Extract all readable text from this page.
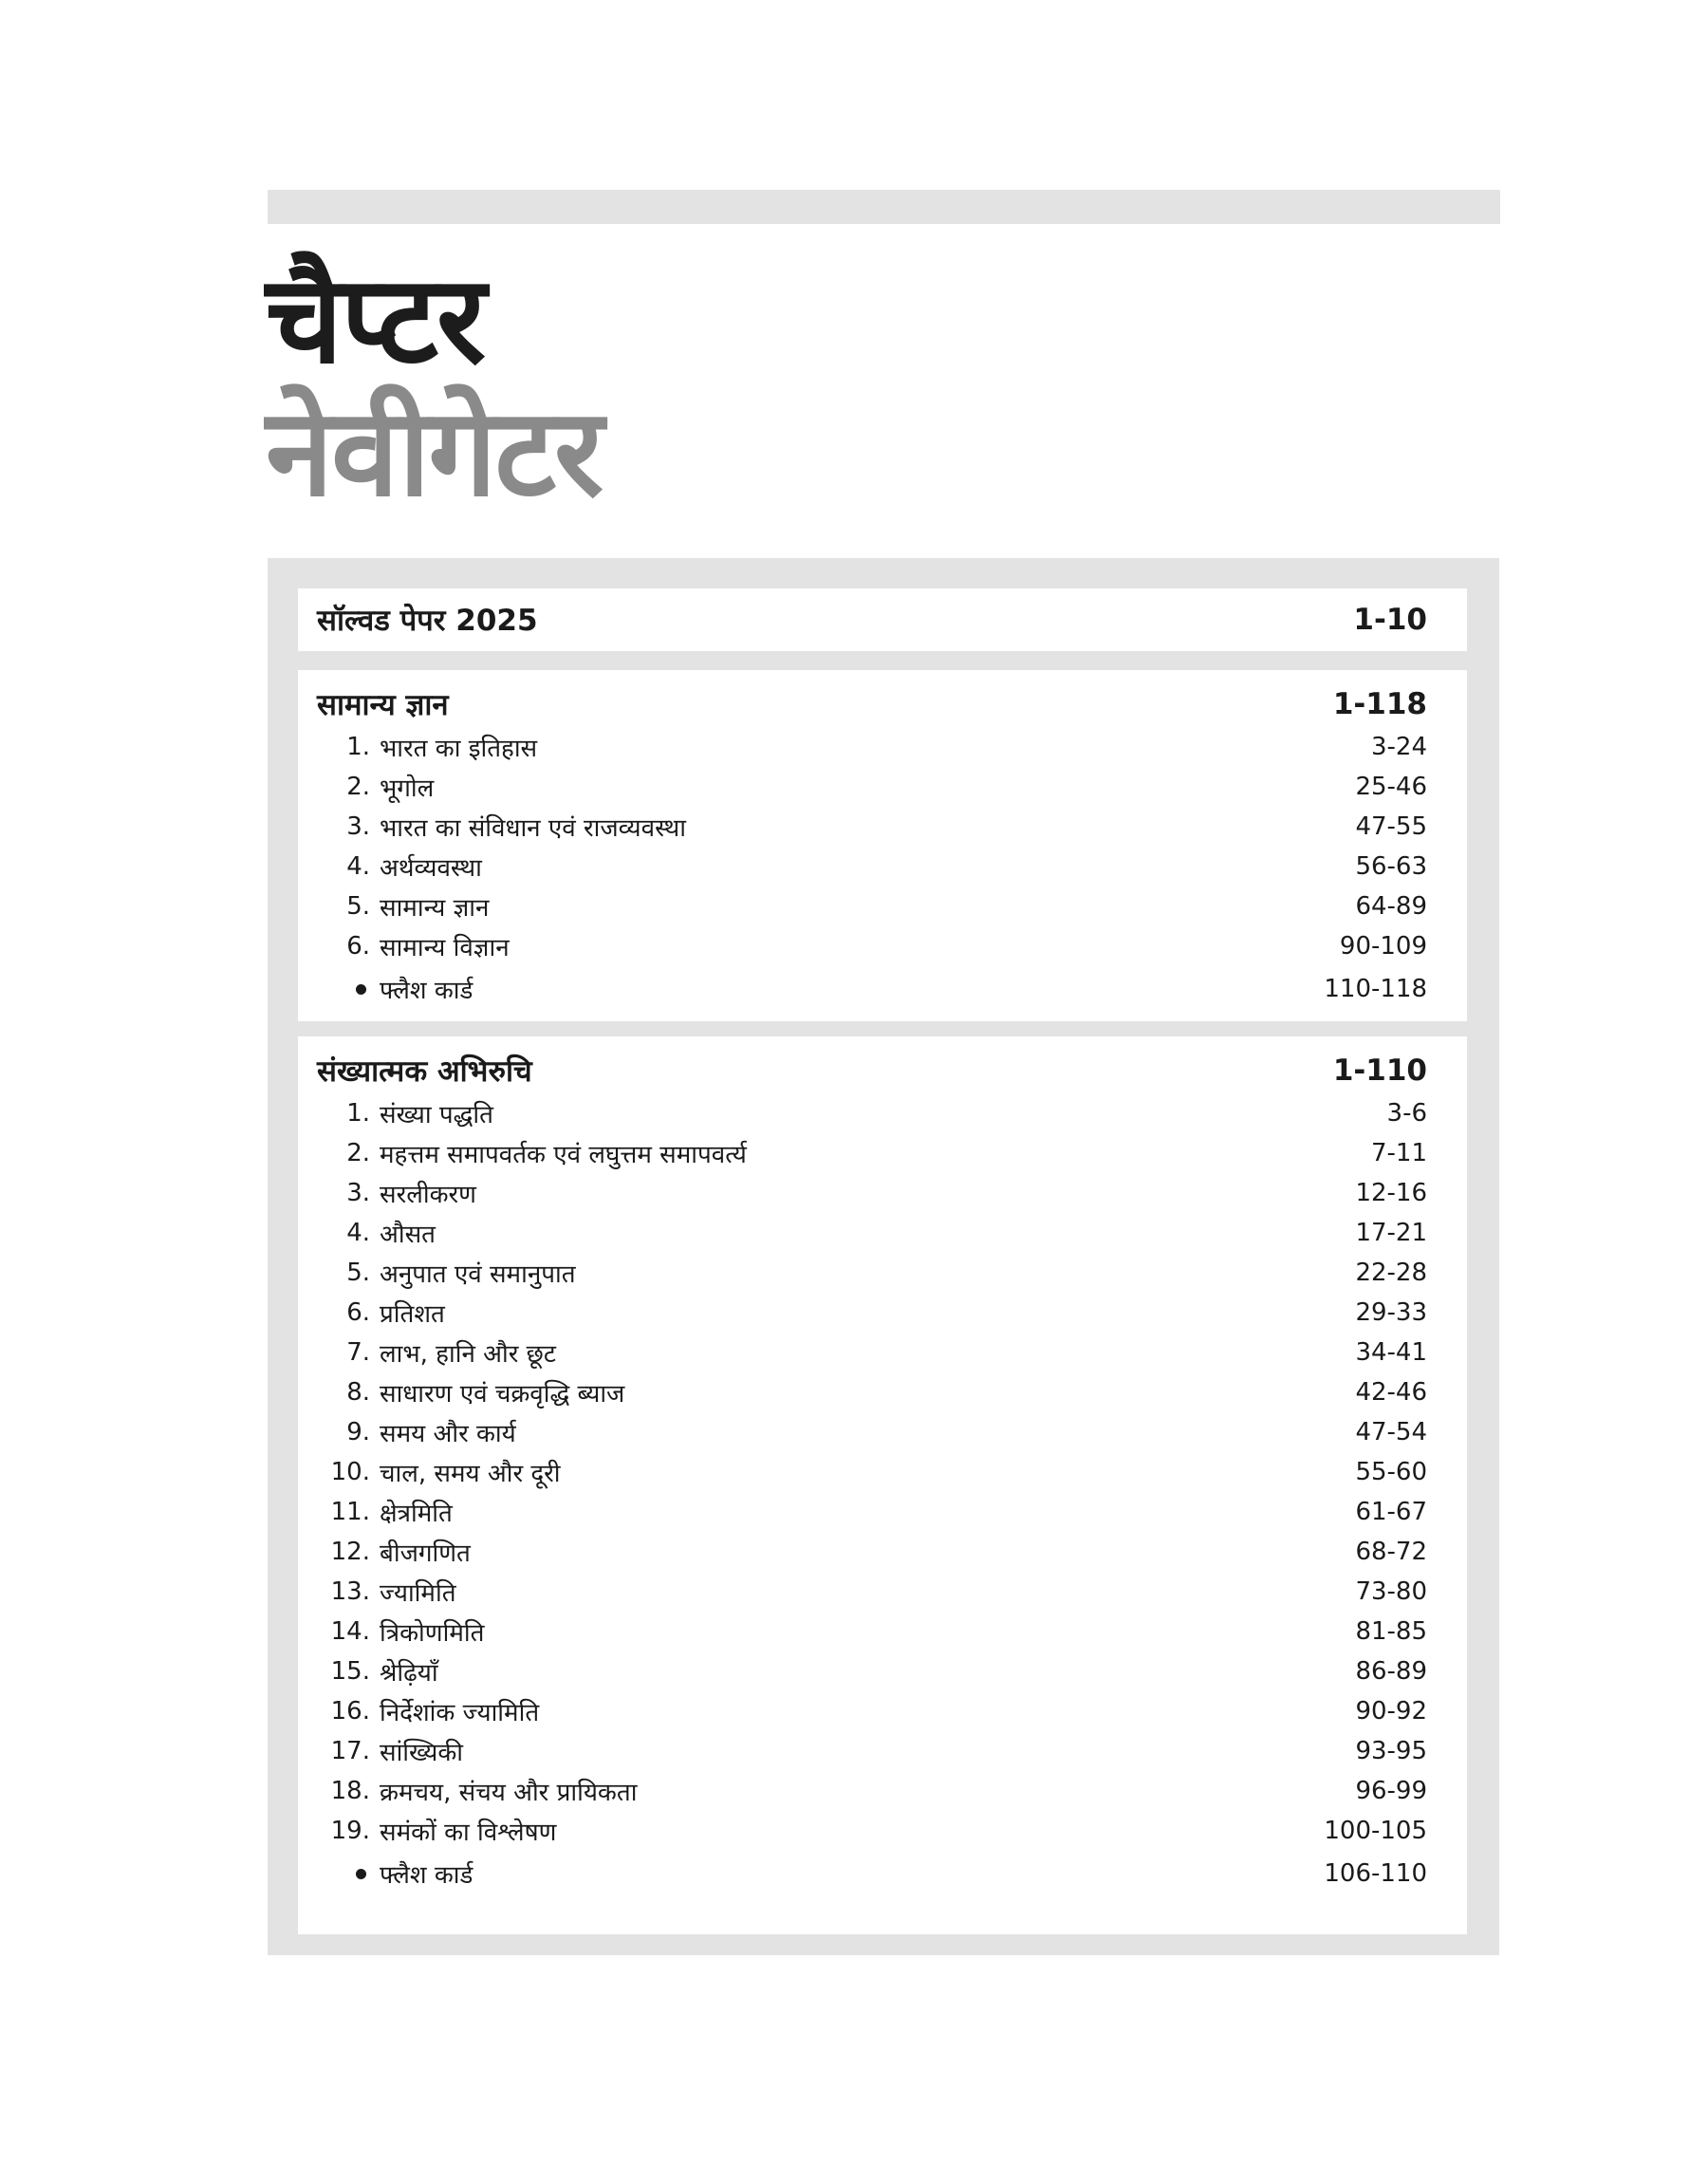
चैप्टर
नेवीगेटर
सॉल्वड पेपर 2025	1-10
सामान्य ज्ञान	1-118
1. भारत का इतिहास	3-24
2. भूगोल	25-46
3. भारत का संविधान एवं राजव्यवस्था	47-55
4. अर्थव्यवस्था	56-63
5. सामान्य ज्ञान	64-89
6. सामान्य विज्ञान	90-109
फ्लैश कार्ड	110-118
संख्यात्मक अभिरुचि	1-110
1. संख्या पद्धति	3-6
2. महत्तम समापवर्तक एवं लघुत्तम समापवर्त्य	7-11
3. सरलीकरण	12-16
4. औसत	17-21
5. अनुपात एवं समानुपात	22-28
6. प्रतिशत	29-33
7. लाभ, हानि और छूट	34-41
8. साधारण एवं चक्रवृद्धि ब्याज	42-46
9. समय और कार्य	47-54
10. चाल, समय और दूरी	55-60
11. क्षेत्रमिति	61-67
12. बीजगणित	68-72
13. ज्यामिति	73-80
14. त्रिकोणमिति	81-85
15. श्रेढ़ियाँ	86-89
16. निर्देशांक ज्यामिति	90-92
17. सांख्यिकी	93-95
18. क्रमचय, संचय और प्रायिकता	96-99
19. समंकों का विश्लेषण	100-105
फ्लैश कार्ड	106-110
